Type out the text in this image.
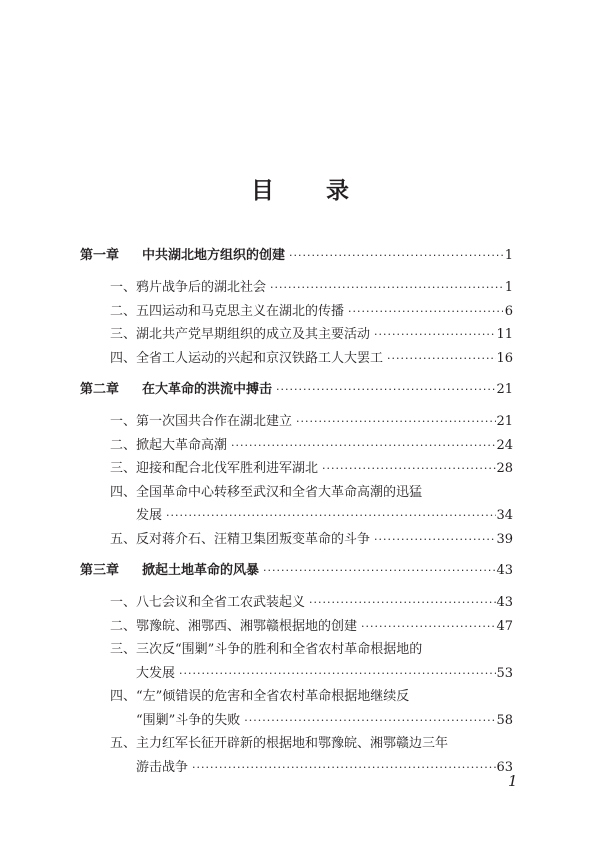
目 录
第一章	中共湖北地方组织的创建 ·····	1
一、鸦片战争后的湖北社会 ·····	1
二、五四运动和马克思主义在湖北的传播 ·····	6
三、湖北共产党早期组织的成立及其主要活动 ·····	11
四、全省工人运动的兴起和京汉铁路工人大罢工 ·····	16
第二章	在大革命的洪流中搏击 ·····	21
一、第一次国共合作在湖北建立 ·····	21
二、掀起大革命高潮 ·····	24
三、迎接和配合北伐军胜利进军湖北 ·····	28
四、全国革命中心转移至武汉和全省大革命高潮的迅猛
发展 ·····	34
五、反对蒋介石、汪精卫集团叛变革命的斗争 ·····	39
第三章	掀起土地革命的风暴 ·····	43
一、八七会议和全省工农武装起义 ·····	43
二、鄂豫皖、湘鄂西、湘鄂赣根据地的创建 ·····	47
三、三次反“围剿”斗争的胜利和全省农村革命根据地的
大发展 ·····	53
四、“左”倾错误的危害和全省农村革命根据地继续反
“围剿”斗争的失败 ·····	58
五、主力红军长征开辟新的根据地和鄂豫皖、湘鄂赣边三年
游击战争 ·····	63
1
